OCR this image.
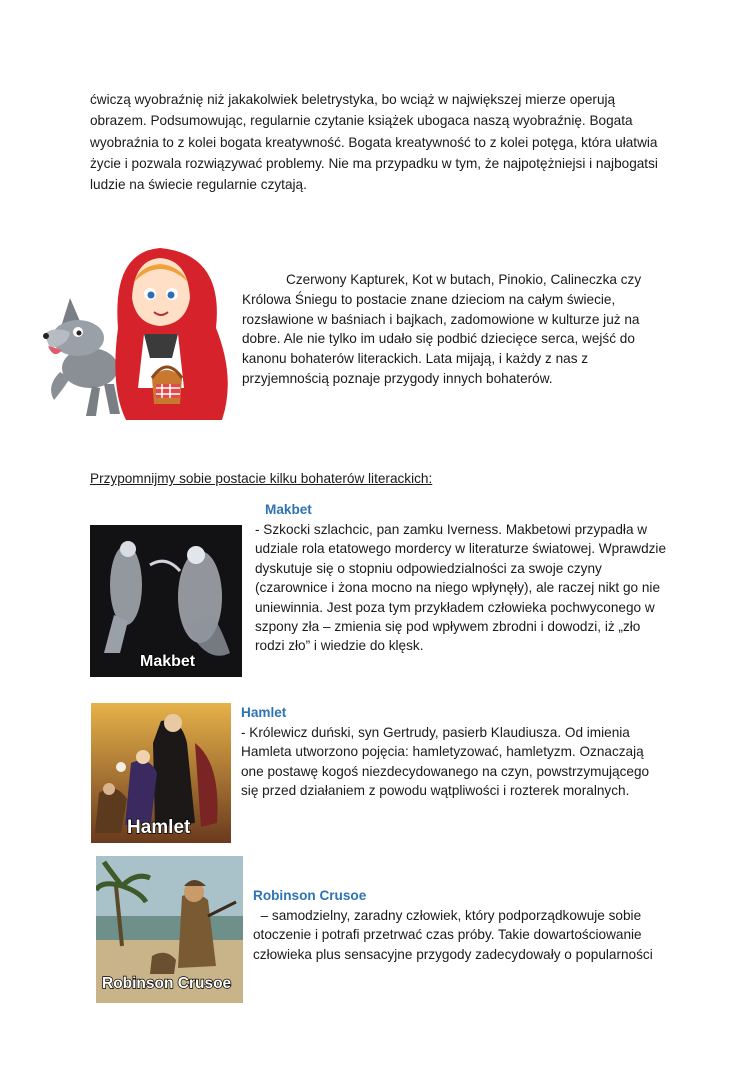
ćwiczą wyobraźnię niż jakakolwiek beletrystyka, bo wciąż w największej mierze operują obrazem. Podsumowując, regularnie czytanie książek ubogaca naszą wyobraźnię. Bogata wyobraźnia to z kolei bogata kreatywność. Bogata kreatywność to z kolei potęga, która ułatwia życie i pozwala rozwiązywać problemy. Nie ma przypadku w tym, że najpotężniejsi i najbogatsi ludzie na świecie regularnie czytają.

Czerwony Kapturek, Kot w butach, Pinokio, Calineczka czy Królowa Śniegu to postacie znane dzieciom na całym świecie, rozsławione w baśniach i bajkach, zadomowione w kulturze już na dobre. Ale nie tylko im udało się podbić dziecięce serca, wejść do kanonu bohaterów literackich. Lata mijają, i każdy z nas z przyjemnością poznaje przygody innych bohaterów.

Przypomnijmy sobie postacie kilku bohaterów literackich:

Makbet

Makbet

- Szkocki szlachcic, pan zamku Iverness. Makbetowi przypadła w udziale rola etatowego mordercy w literaturze światowej. Wprawdzie dyskutuje się o stopniu odpowiedzialności za swoje czyny (czarownice i żona mocno na niego wpłynęły), ale raczej nikt go nie uniewinnia. Jest poza tym przykładem człowieka pochwyconego w szpony zła – zmienia się pod wpływem zbrodni i dowodzi, iż „zło rodzi zło” i wiedzie do klęsk.

Hamlet

Hamlet

- Królewicz duński, syn Gertrudy, pasierb Klaudiusza. Od imienia Hamleta utworzono pojęcia: hamletyzować, hamletyzm. Oznaczają one postawę kogoś niezdecydowanego na czyn, powstrzymującego się przed działaniem z powodu wątpliwości i rozterek moralnych.

Robinson Crusoe

Robinson Crusoe

– samodzielny, zaradny człowiek, który podporządkowuje sobie otoczenie i potrafi przetrwać czas próby. Takie dowartościowanie człowieka plus sensacyjne przygody zadecydowały o popularności
